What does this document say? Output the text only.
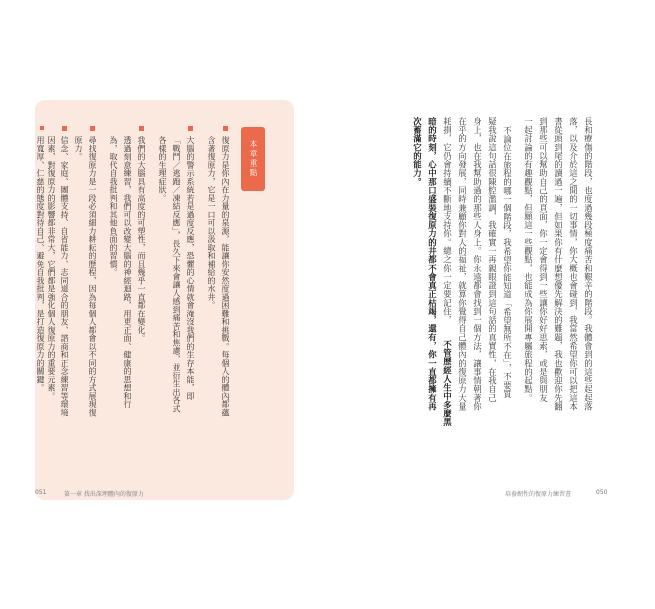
長和療傷的階段，也度過幾段極度痛苦和艱辛的階段。我體會到的這些起起落
落，以及介於這之間的一切事情，你大概也會碰到，我當然希望你可以把這本
書從頭到尾的讀過一遍，但如果你有什麼想優先解決的難題，我也歡迎你先翻
到那些可以幫助自己的頁面，你一定會得到一些讓你好好思索，或是與朋友
一起討論的有趣觀點，但願這一些觀點，也能成為你展開專屬旅程的起點。
不論位在旅程的哪一個階段，我希望你能知道「希望無所不在」，不要質
疑我說這句話很陳腔濫調，我確實一再親眼證到這句話的真實性，在我自己
身上，也在我幫助過的那些人身上。你永遠都會找到一個方法，讓事情朝著你
在乎的方向發展，同時兼顧你對人的福祉，就算你覺得自己體內的復原力大量
耗損，它仍會持續不斷地支持你。總之你一定要記住，
不管歷經人生中多麼黑
暗的時刻，心中那口盛裝復原力的井都不會真正枯竭，還有，你一直都擁有再
次蓄滿它的能力。
培養韌性的復原力練習書	050
本章重點
復原力是你內在力量的泉源，能讓你安然度過困難和挑戰。每個人的體內都蘊
含著復原力，它是一口可以汲取和補給的水井。
大腦的警示系統若是過度反應，恐懼的心情就會淹沒我們的生存本能，即
「戰鬥／逃跑／凍結反應」，長久下來會讓人感到痛苦和焦慮，並衍生出各式
各樣的生理症狀。
我們的大腦具有高度的可塑性，而且幾乎一直都在變化。
透過刻意練習，我們可以改變大腦的神經迴路，用更正面、健康的思想和行
為，取代自我批判和其他負面的習慣。
尋找復原力是一段必須細力耕耘的歷程，因為每個人都會以不同的方式展現復
原力。
信念、家庭、團體支持、自省能力、志同道合的朋友、諮商和正念練習等環境
因素，對復原力的影響都非常大，它們都是強化個人復原力的重要元素。
用寬厚、仁慈的態度對待自己、避免自我批判，是打造復原力的關鍵。
051	第一章 找出深埋體內的復原力
